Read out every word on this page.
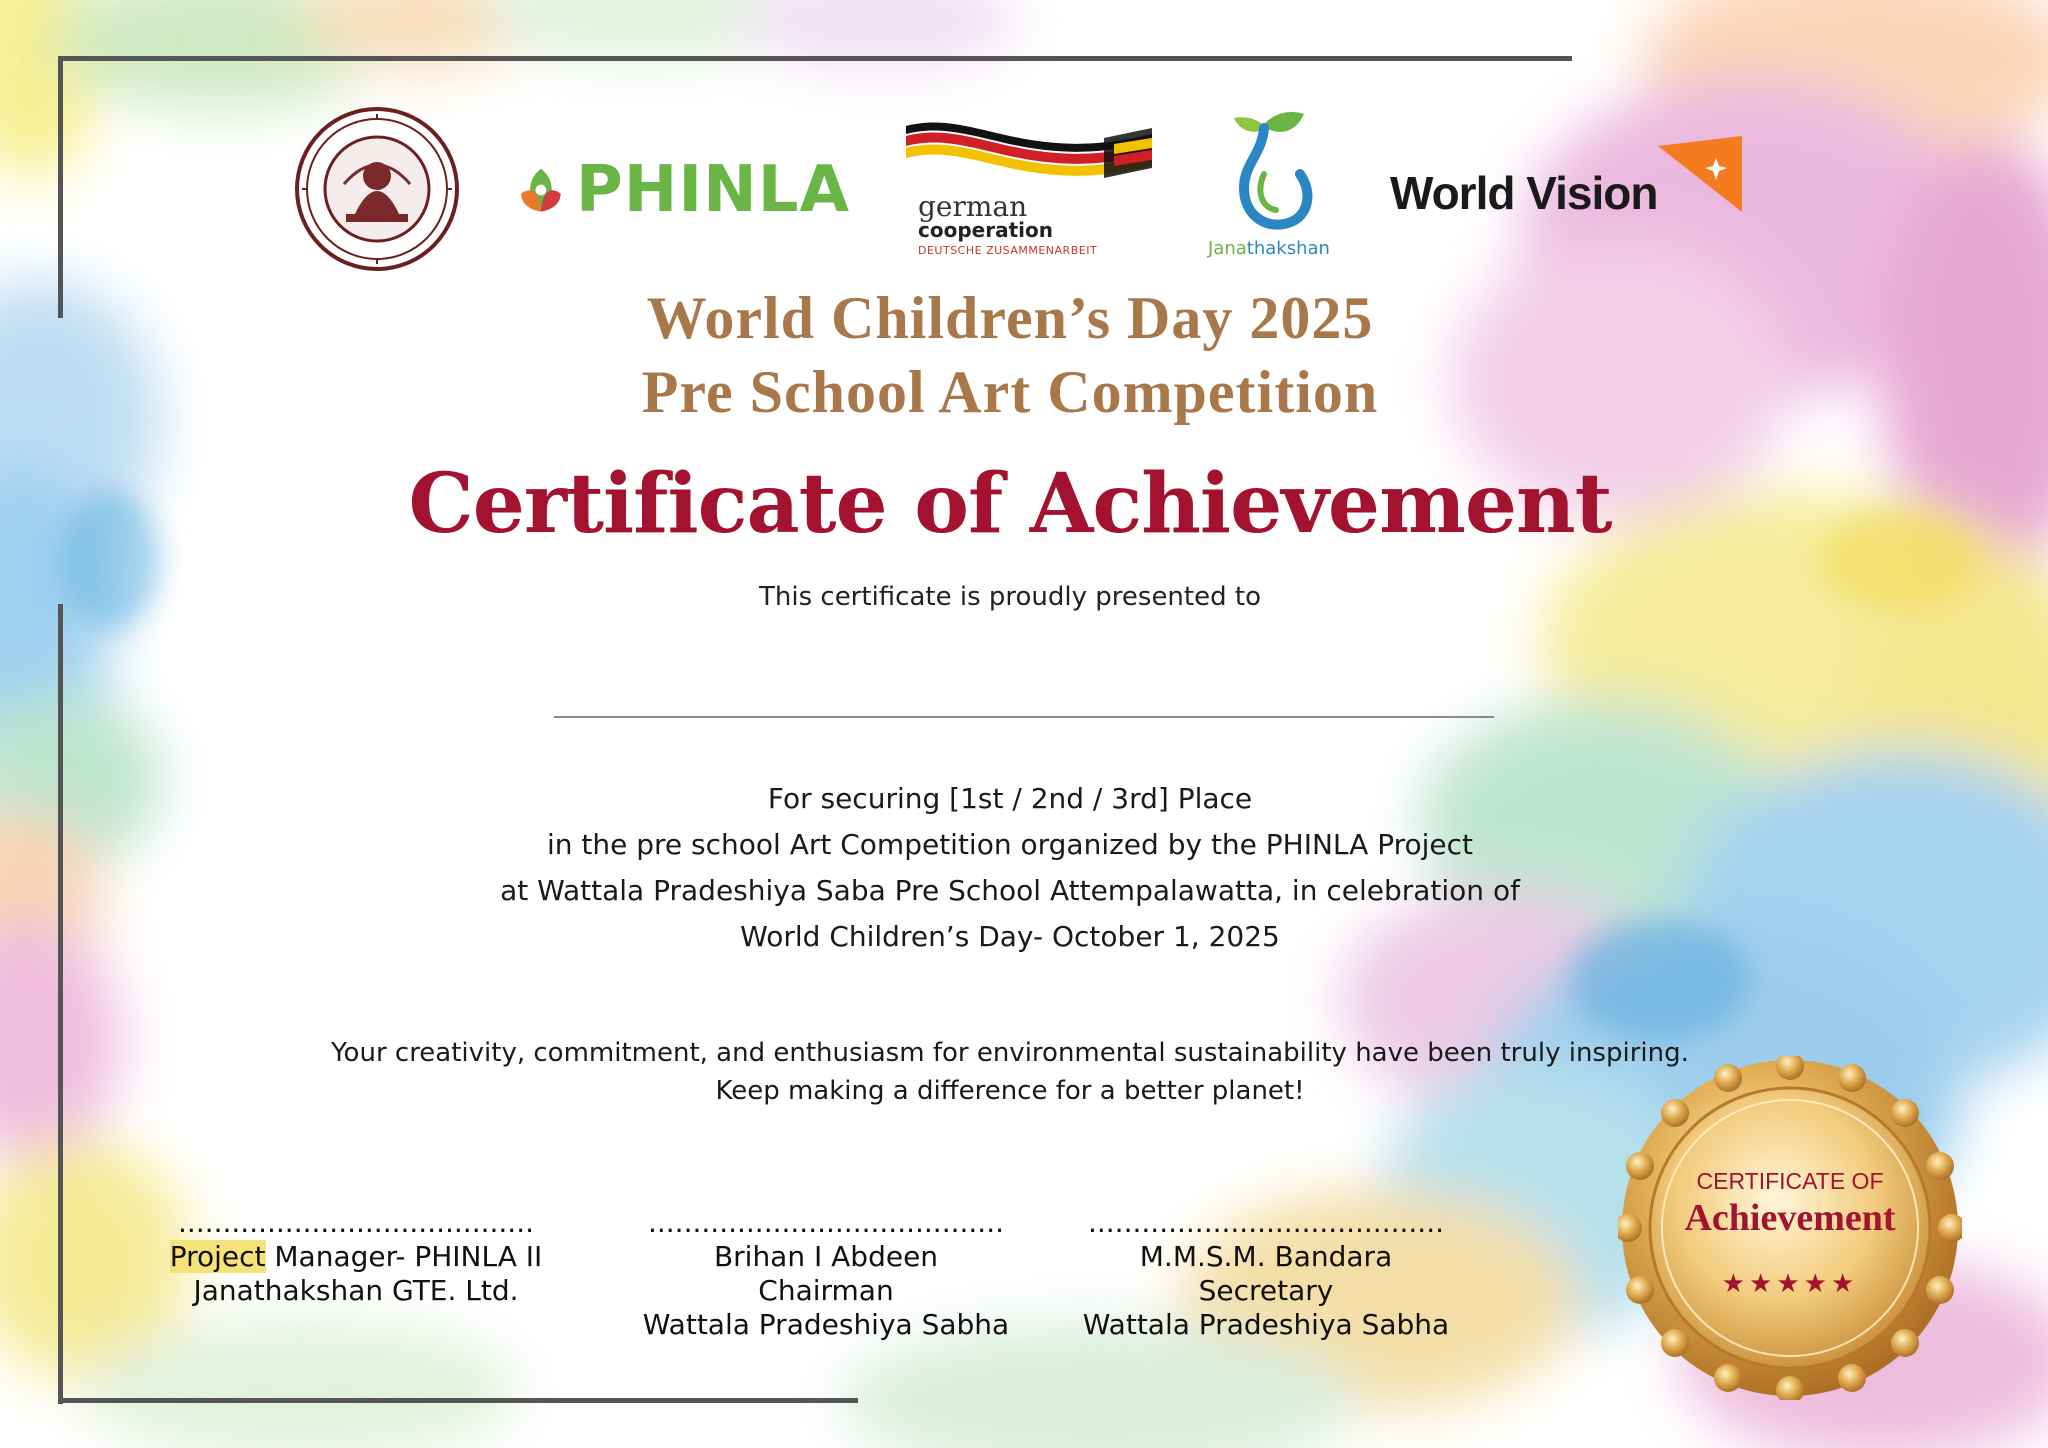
PHINLA german
cooperation
DEUTSCHE ZUSAMMENARBEIT	Janathakshan
World Vision
World Children’s Day 2025
Pre School Art Competition
Certificate of Achievement
This certificate is proudly presented to
For securing [1st / 2nd / 3rd] Place
in the pre school Art Competition organized by the PHINLA Project
at Wattala Pradeshiya Saba Pre School Attempalawatta, in celebration of
World Children’s Day- October 1, 2025
Your creativity, commitment, and enthusiasm for environmental sustainability have been truly inspiring.
Keep making a difference for a better planet!
........................................
Project Manager- PHINLA II
Janathakshan GTE. Ltd.
........................................
Brihan I Abdeen
Chairman
Wattala Pradeshiya Sabha
........................................
M.M.S.M. Bandara
Secretary
Wattala Pradeshiya Sabha
CERTIFICATE OF
Achievement
★★★★★
